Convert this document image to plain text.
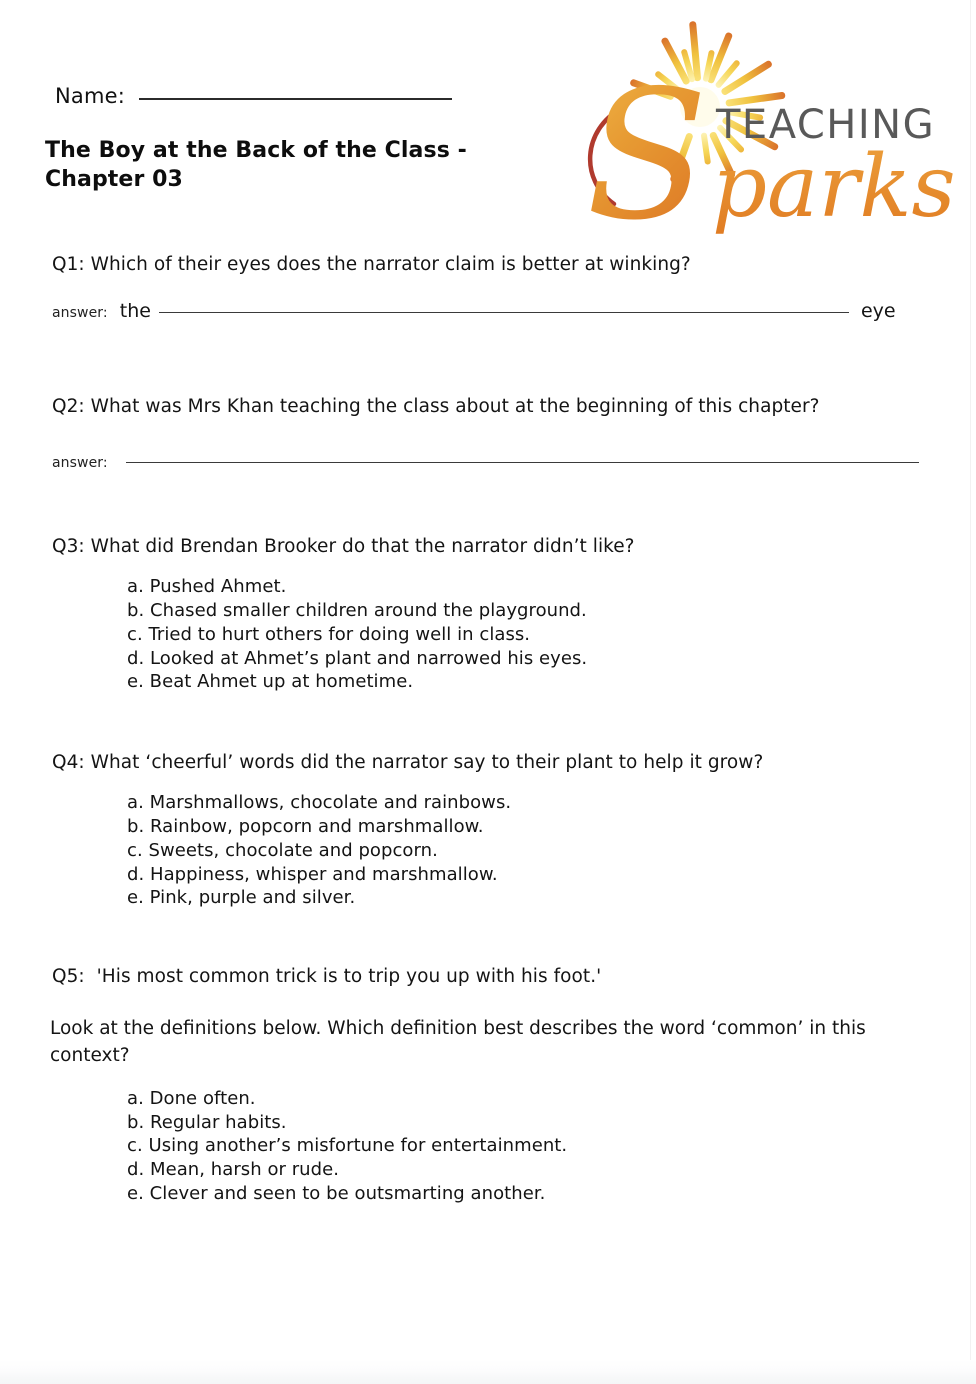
Name:
The Boy at the Back of the Class - Chapter 03	S TEACHING
parks
Q1: Which of their eyes does the narrator claim is better at winking?
answer: the	eye
Q2: What was Mrs Khan teaching the class about at the beginning of this chapter?
answer:
Q3: What did Brendan Brooker do that the narrator didn’t like?
a. Pushed Ahmet.
b. Chased smaller children around the playground.
c. Tried to hurt others for doing well in class.
d. Looked at Ahmet’s plant and narrowed his eyes.
e. Beat Ahmet up at hometime.
Q4: What ‘cheerful’ words did the narrator say to their plant to help it grow?
a. Marshmallows, chocolate and rainbows.
b. Rainbow, popcorn and marshmallow.
c. Sweets, chocolate and popcorn.
d. Happiness, whisper and marshmallow.
e. Pink, purple and silver.
Q5: 'His most common trick is to trip you up with his foot.'
Look at the definitions below. Which definition best describes the word ‘common’ in this context?
a. Done often.
b. Regular habits.
c. Using another’s misfortune for entertainment.
d. Mean, harsh or rude.
e. Clever and seen to be outsmarting another.
